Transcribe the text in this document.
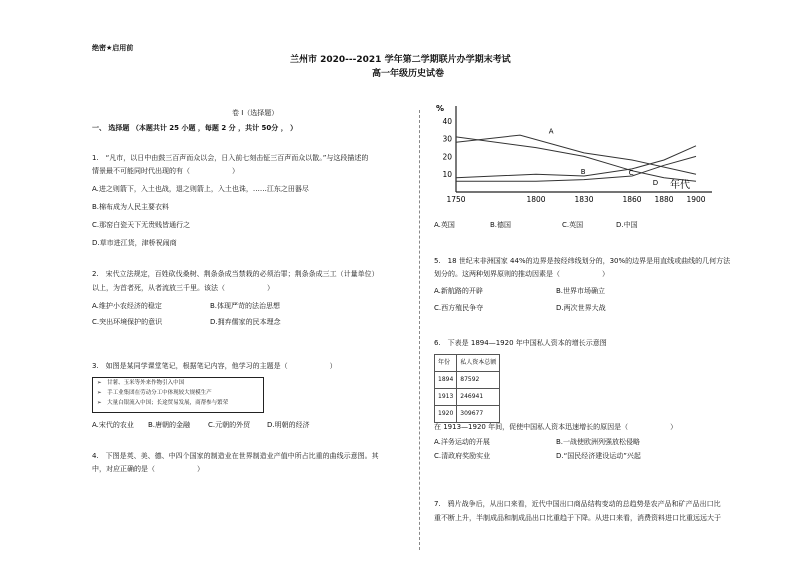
绝密★启用前
兰州市 2020---2021 学年第二学期联片办学期末考试
高一年级历史试卷
卷 I（选择题）
一、 选择题 （本题共计 25 小题 ，每题 2 分 ，共计 50分 ， ）
1.　“凡市，以日中由鼓三百声而众以会，日入前七刻击钲三百声而众以散。”与这段描述的
情景最不可能同时代出现的有（　　　　　　）
A.进之则箭下，入土也战，退之则箭上，入土也诛，……江东之田器尽
B.棉布成为人民主要衣料
C.那窑白瓷天下无贵贱皆通行之
D.草市进江货，津桥祝闹商
2.　宋代立法规定，百姓砍伐桑树、荆条条成当禁栽的必须治罪；荆条条成三工（计量单位）
以上，为首者死，从者流放三千里。该法（　　　　　　）
A.维护小农经济的稳定	B.体现严苛的法治思想
C.突出环境保护的意识	D.拥弃儒家的民本理念
3.　如图是某同学课堂笔记，根据笔记内容，他学习的主题是（　　　　　　）
➢　甘薯、玉米等外来作物引入中国
➢　手工业集团在劳动分工中体现较大规模生产
➢　大量白银流入中国；长途贸易发展，商帮参与繁荣
A.宋代的农业 B.唐朝的金融	C.元朝的外贸 D.明朝的经济
4.　下图是英、美、德、中四个国家的制造业在世界制造业产值中所占比重的曲线示意图。其
中，对应正确的是（　　　　　　）
%
10
20
30
40
1750	1800	1830	1860 1880 1900
年代
A
B	C
D
A.英国	B.德国	C.英国	D.中国
5.　18 世纪末非洲国家 44%的边界是按经纬线划分的，30%的边界是用直线或曲线的几何方法
划分的。这两种划界原则的推动因素是（　　　　　　）
A.新航路的开辟	B.世界市场确立
C.西方殖民争夺	D.两次世界大战
6.　下表是 1894—1920 年中国私人资本的增长示意图
年份	私人资本总额
1894	87592
1913	246941
1920	309677
在 1913—1920 年间，促使中国私人资本迅速增长的原因是（　　　　　　）
A.洋务运动的开展	B.一战使欧洲列强放松侵略
C.清政府奖励实业	D.“国民经济建设运动”兴起
7.　鸦片战争后，从出口来看，近代中国出口商品结构变动的总趋势是农产品和矿产品出口比
重不断上升，半制成品和制成品出口比重趋于下降。从进口来看，消费资料进口比重远远大于
